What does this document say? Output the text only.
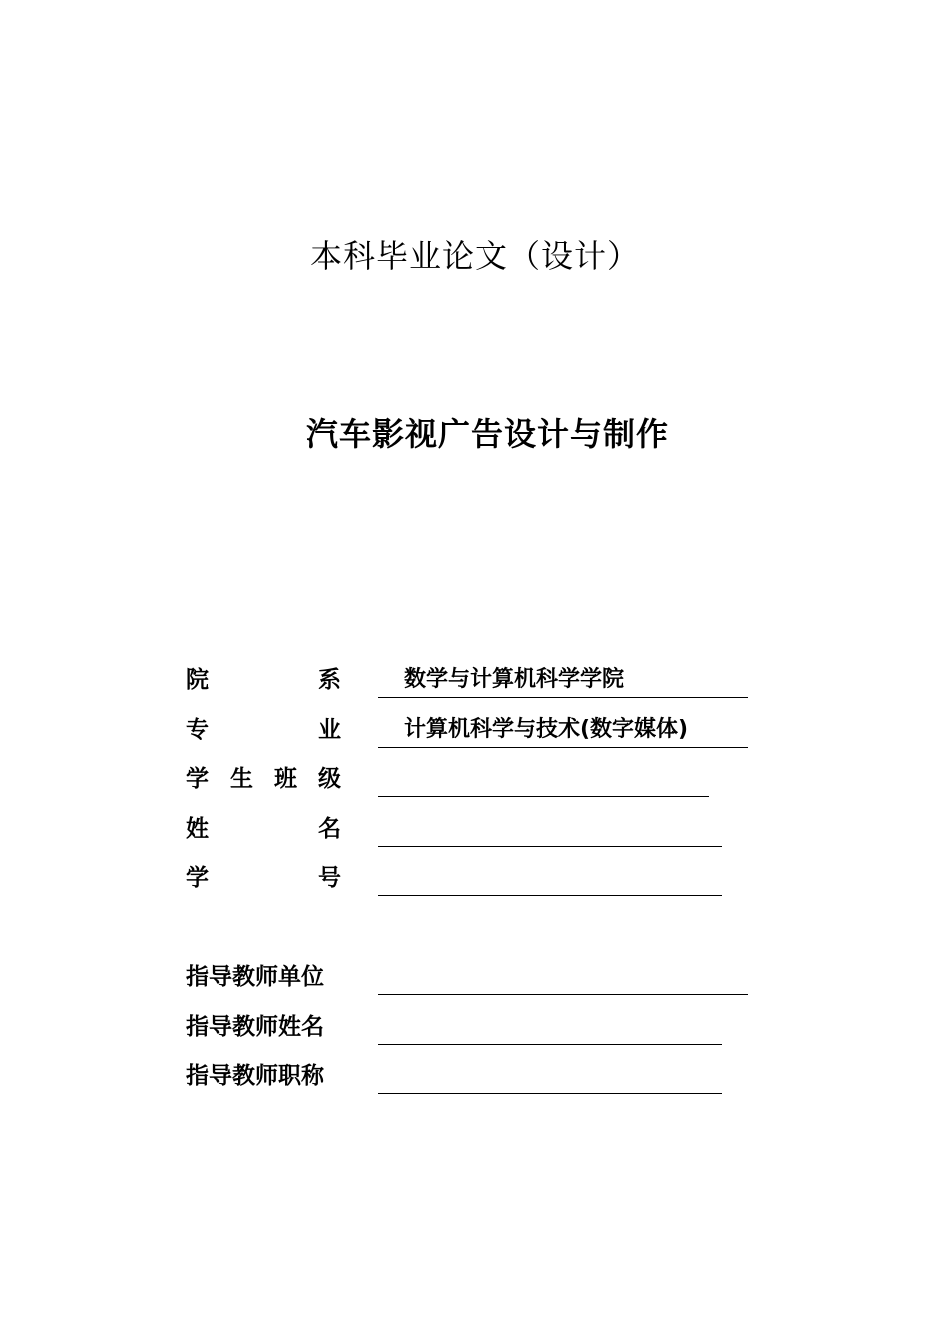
本科毕业论文（设计）
汽车影视广告设计与制作
院	系	数学与计算机科学学院
专	业	计算机科学与技术(数字媒体)
学 生 班 级
姓	名
学	号
指导教师单位
指导教师姓名
指导教师职称
